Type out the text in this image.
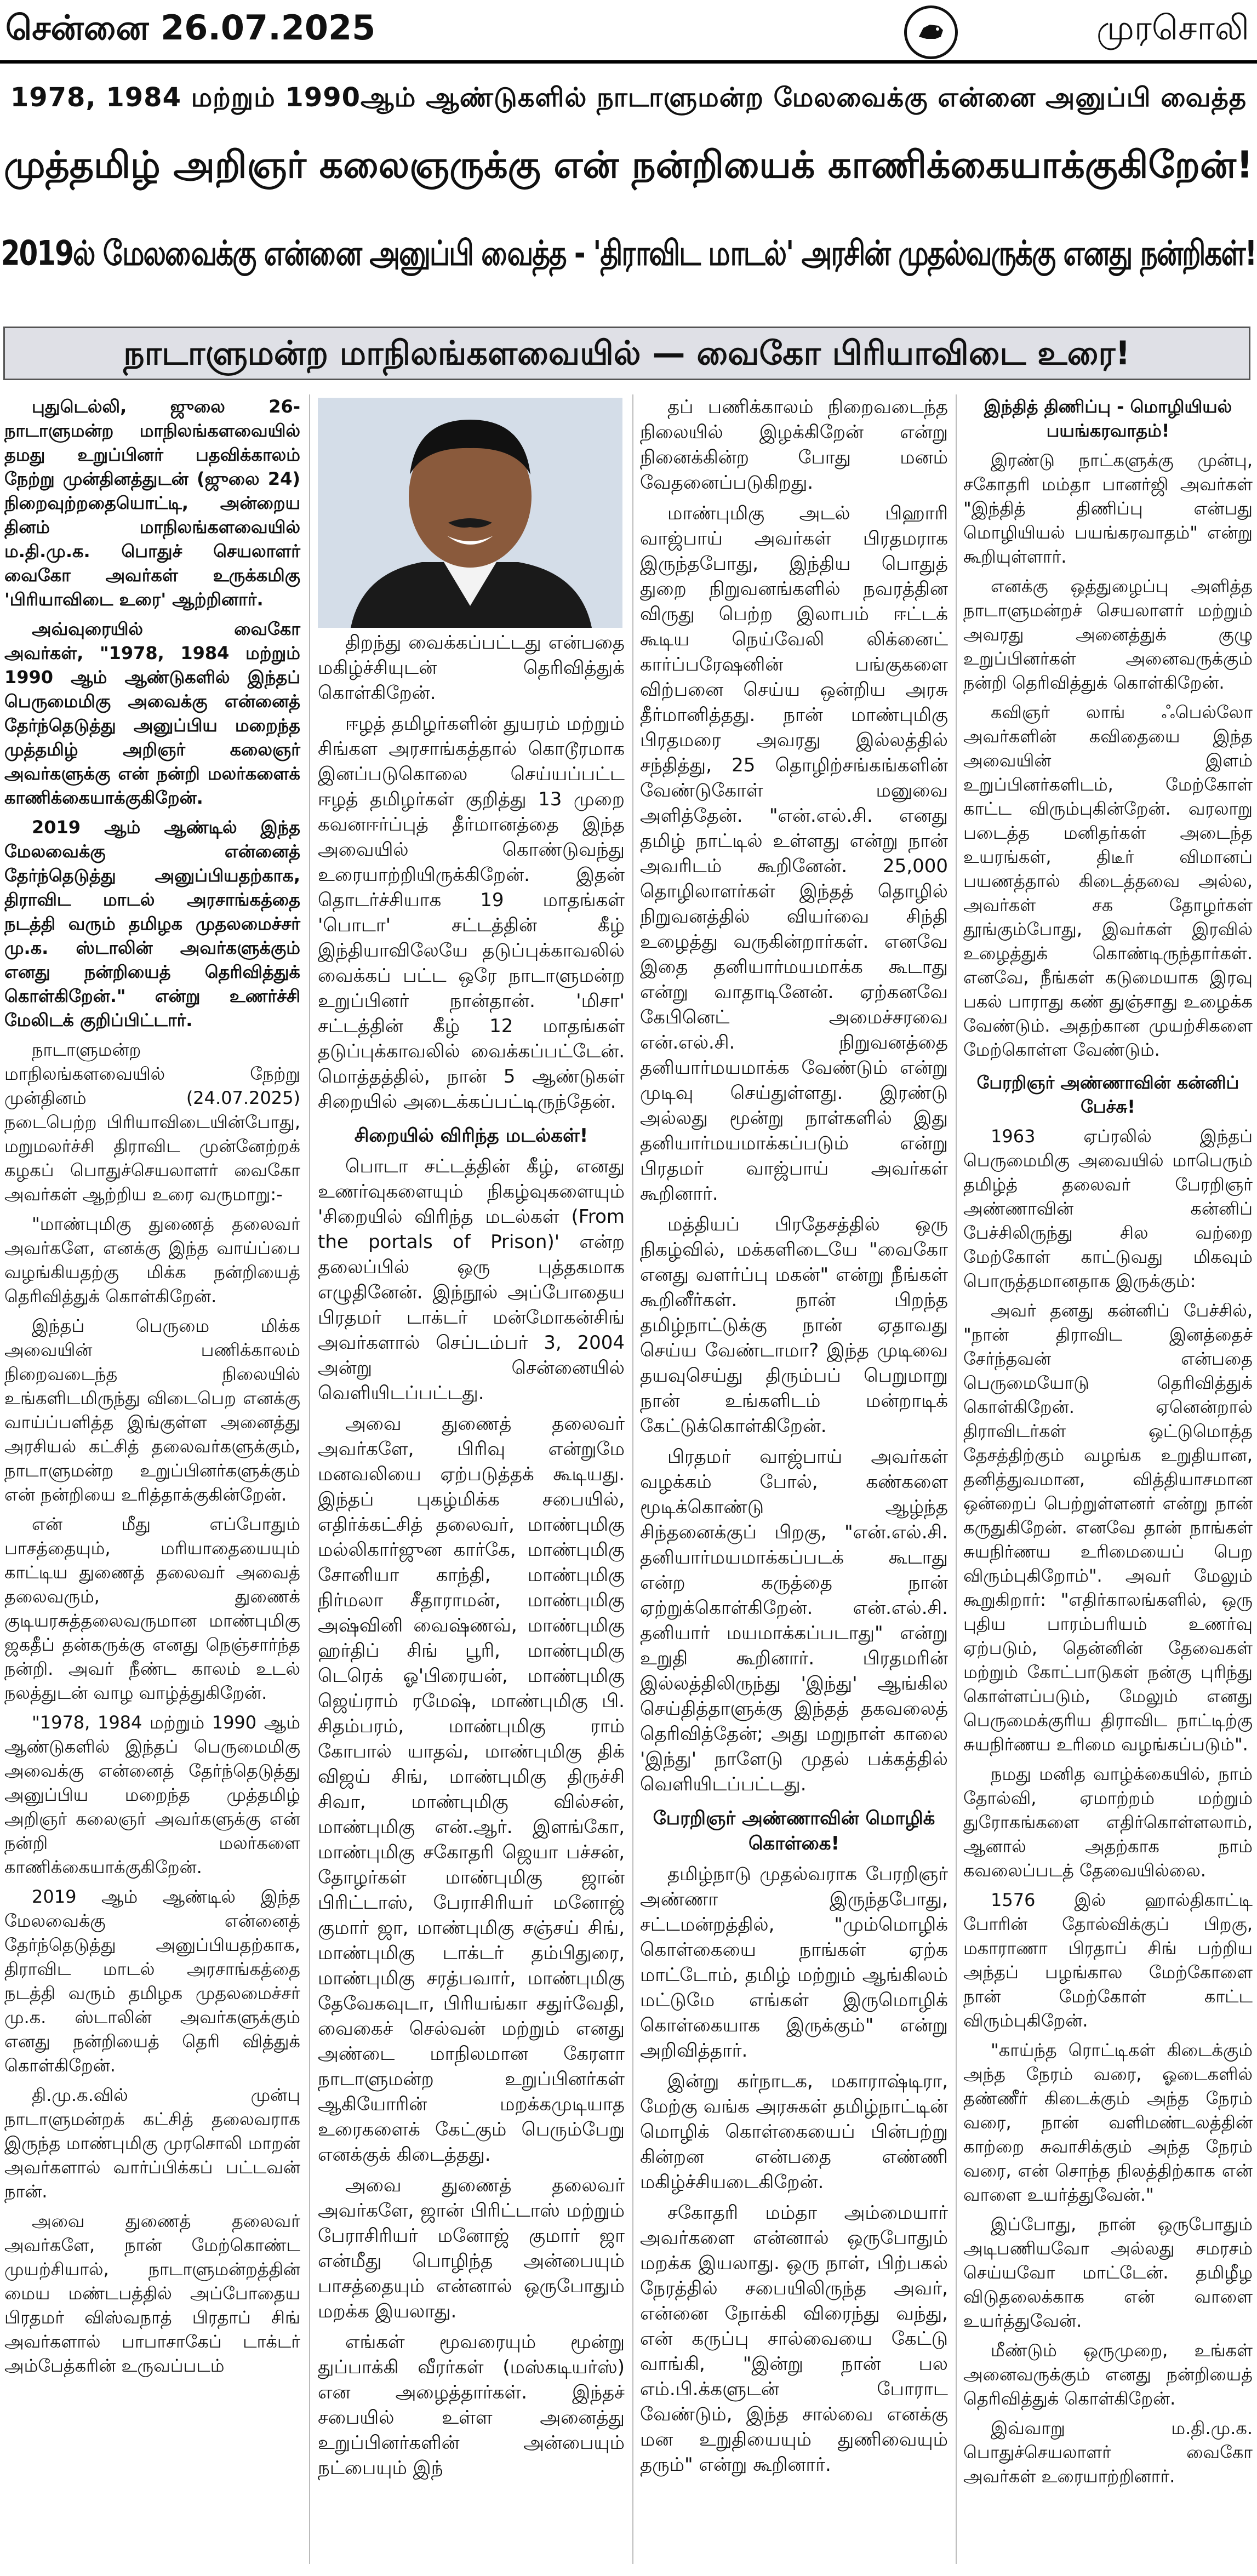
சென்னை 26.07.2025	முரசொலி
1978, 1984 மற்றும் 1990ஆம் ஆண்டுகளில் நாடாளுமன்ற மேலவைக்கு என்னை அனுப்பி வைத்த
முத்தமிழ் அறிஞர் கலைஞருக்கு என் நன்றியைக் காணிக்கையாக்குகிறேன்!
2019ல் மேலவைக்கு என்னை அனுப்பி வைத்த - 'திராவிட மாடல்' அரசின் முதல்வருக்கு எனது நன்றிகள்!
நாடாளுமன்ற மாநிலங்களவையில் — வைகோ பிரியாவிடை உரை!

புதுடெல்லி, ஜுலை 26- நாடாளுமன்ற மாநிலங்களவையில் தமது உறுப்பினர் பதவிக்காலம் நேற்று முன்தினத்துடன் (ஜுலை 24) நிறைவுற்றதையொட்டி, அன்றைய தினம் மாநிலங்களவையில் ம.தி.மு.க. பொதுச் செயலாளர் வைகோ அவர்கள் உருக்கமிகு 'பிரியாவிடை உரை' ஆற்றினார்.

அவ்வுரையில் வைகோ அவர்கள், "1978, 1984 மற்றும் 1990 ஆம் ஆண்டுகளில் இந்தப் பெருமைமிகு அவைக்கு என்னைத் தேர்ந்தெடுத்து அனுப்பிய மறைந்த முத்தமிழ் அறிஞர் கலைஞர் அவர்களுக்கு என் நன்றி மலர்களைக் காணிக்கையாக்குகிறேன்.

2019 ஆம் ஆண்டில் இந்த மேலவைக்கு என்னைத் தேர்ந்தெடுத்து அனுப்பியதற்காக, திராவிட மாடல் அரசாங்கத்தை நடத்தி வரும் தமிழக முதலமைச்சர் மு.க. ஸ்டாலின் அவர்களுக்கும் எனது நன்றியைத் தெரிவித்துக் கொள்கிறேன்." என்று உணர்ச்சி மேலிடக் குறிப்பிட்டார்.

நாடாளுமன்ற மாநிலங்களவையில் நேற்று முன்தினம் (24.07.2025) நடைபெற்ற பிரியாவிடையின்போது, மறுமலர்ச்சி திராவிட முன்னேற்றக் கழகப் பொதுச்செயலாளர் வைகோ அவர்கள் ஆற்றிய உரை வருமாறு:-

"மாண்புமிகு துணைத் தலைவர் அவர்களே, எனக்கு இந்த வாய்ப்பை வழங்கியதற்கு மிக்க நன்றியைத் தெரிவித்துக் கொள்கிறேன்.

இந்தப் பெருமை மிக்க அவையின் பணிக்காலம் நிறைவடைந்த நிலையில் உங்களிடமிருந்து விடைபெற எனக்கு வாய்ப்பளித்த இங்குள்ள அனைத்து அரசியல் கட்சித் தலைவர்களுக்கும், நாடாளுமன்ற உறுப்பினர்களுக்கும் என் நன்றியை உரித்தாக்குகின்றேன்.

என் மீது எப்போதும் பாசத்தையும், மரியாதையையும் காட்டிய துணைத் தலைவர் அவைத் தலைவரும், துணைக் குடியரசுத்தலைவருமான மாண்புமிகு ஜகதீப் தன்கருக்கு எனது நெஞ்சார்ந்த நன்றி. அவர் நீண்ட காலம் உடல் நலத்துடன் வாழ வாழ்த்துகிறேன்.

"1978, 1984 மற்றும் 1990 ஆம் ஆண்டுகளில் இந்தப் பெருமைமிகு அவைக்கு என்னைத் தேர்ந்தெடுத்து அனுப்பிய மறைந்த முத்தமிழ் அறிஞர் கலைஞர் அவர்களுக்கு என் நன்றி மலர்களை காணிக்கையாக்குகிறேன்.

2019 ஆம் ஆண்டில் இந்த மேலவைக்கு என்னைத் தேர்ந்தெடுத்து அனுப்பியதற்காக, திராவிட மாடல் அரசாங்கத்தை நடத்தி வரும் தமிழக முதலமைச்சர் மு.க. ஸ்டாலின் அவர்களுக்கும் எனது நன்றியைத் தெரி வித்துக் கொள்கிறேன்.

தி.மு.க.வில் முன்பு நாடாளுமன்றக் கட்சித் தலைவராக இருந்த மாண்புமிகு முரசொலி மாறன் அவர்களால் வார்ப்பிக்கப் பட்டவன் நான்.

அவை துணைத் தலைவர் அவர்களே, நான் மேற்கொண்ட முயற்சியால், நாடாளுமன்றத்தின் மைய மண்டபத்தில் அப்போதைய பிரதமர் விஸ்வநாத் பிரதாப் சிங் அவர்களால் பாபாசாகேப் டாக்டர் அம்பேத்கரின் உருவப்படம்

திறந்து வைக்கப்பட்டது என்பதை மகிழ்ச்சியுடன் தெரிவித்துக் கொள்கிறேன்.

ஈழத் தமிழர்களின் துயரம் மற்றும் சிங்கள அரசாங்கத்தால் கொடூரமாக இனப்படுகொலை செய்யப்பட்ட ஈழத் தமிழர்கள் குறித்து 13 முறை கவனஈர்ப்புத் தீர்மானத்தை இந்த அவையில் கொண்டுவந்து உரையாற்றியிருக்கிறேன். இதன் தொடர்ச்சியாக 19 மாதங்கள் 'பொடா' சட்டத்தின் கீழ் இந்தியாவிலேயே தடுப்புக்காவலில் வைக்கப் பட்ட ஒரே நாடாளுமன்ற உறுப்பினர் நான்தான். 'மிசா' சட்டத்தின் கீழ் 12 மாதங்கள் தடுப்புக்காவலில் வைக்கப்பட்டேன். மொத்தத்தில், நான் 5 ஆண்டுகள் சிறையில் அடைக்கப்பட்டிருந்தேன்.

சிறையில் விரிந்த மடல்கள்!

பொடா சட்டத்தின் கீழ், எனது உணர்வுகளையும் நிகழ்வுகளையும் 'சிறையில் விரிந்த மடல்கள் (From the portals of Prison)' என்ற தலைப்பில் ஒரு புத்தகமாக எழுதினேன். இந்நூல் அப்போதைய பிரதமர் டாக்டர் மன்மோகன்சிங் அவர்களால் செப்டம்பர் 3, 2004 அன்று சென்னையில் வெளியிடப்பட்டது.

அவை துணைத் தலைவர் அவர்களே, பிரிவு என்றுமே மனவலியை ஏற்படுத்தக் கூடியது. இந்தப் புகழ்மிக்க சபையில், எதிர்க்கட்சித் தலைவர், மாண்புமிகு மல்லிகார்ஜுன கார்கே, மாண்புமிகு சோனியா காந்தி, மாண்புமிகு நிர்மலா சீதாராமன், மாண்புமிகு அஷ்வினி வைஷ்ணவ், மாண்புமிகு ஹர்திப் சிங் பூரி, மாண்புமிகு டெரெக் ஓ'பிரையன், மாண்புமிகு ஜெய்ராம் ரமேஷ், மாண்புமிகு பி. சிதம்பரம், மாண்புமிகு ராம் கோபால் யாதவ், மாண்புமிகு திக் விஜய் சிங், மாண்புமிகு திருச்சி சிவா, மாண்புமிகு வில்சன், மாண்புமிகு என்.ஆர். இளங்கோ, மாண்புமிகு சகோதரி ஜெயா பச்சன், தோழர்கள் மாண்புமிகு ஜான் பிரிட்டாஸ், பேராசிரியர் மனோஜ் குமார் ஜா, மாண்புமிகு சஞ்சய் சிங், மாண்புமிகு டாக்டர் தம்பிதுரை, மாண்புமிகு சரத்பவார், மாண்புமிகு தேவேகவுடா, பிரியங்கா சதுர்வேதி, வைகைச் செல்வன் மற்றும் எனது அண்டை மாநிலமான கேரளா நாடாளுமன்ற உறுப்பினர்கள் ஆகியோரின் மறக்கமுடியாத உரைகளைக் கேட்கும் பெரும்பேறு எனக்குக் கிடைத்தது.

அவை துணைத் தலைவர் அவர்களே, ஜான் பிரிட்டாஸ் மற்றும் பேராசிரியர் மனோஜ் குமார் ஜா என்மீது பொழிந்த அன்பையும் பாசத்தையும் என்னால் ஒருபோதும் மறக்க இயலாது.

எங்கள் மூவரையும் மூன்று துப்பாக்கி வீரர்கள் (மஸ்கடியர்ஸ்) என அழைத்தார்கள். இந்தச் சபையில் உள்ள அனைத்து உறுப்பினர்களின் அன்பையும் நட்பையும் இந்

தப் பணிக்காலம் நிறைவடைந்த நிலையில் இழக்கிறேன் என்று நினைக்கின்ற போது மனம் வேதனைப்படுகிறது.

மாண்புமிகு அடல் பிஹாரி வாஜ்பாய் அவர்கள் பிரதமராக இருந்தபோது, இந்திய பொதுத் துறை நிறுவனங்களில் நவரத்தின விருது பெற்ற இலாபம் ஈட்டக் கூடிய நெய்வேலி லிக்னைட் கார்ப்பரேஷனின் பங்குகளை விற்பனை செய்ய ஒன்றிய அரசு தீர்மானித்தது. நான் மாண்புமிகு பிரதமரை அவரது இல்லத்தில் சந்தித்து, 25 தொழிற்சங்கங்களின் வேண்டுகோள் மனுவை அளித்தேன். "என்.எல்.சி. எனது தமிழ் நாட்டில் உள்ளது என்று நான் அவரிடம் கூறினேன். 25,000 தொழிலாளர்கள் இந்தத் தொழில் நிறுவனத்தில் வியர்வை சிந்தி உழைத்து வருகின்றார்கள். எனவே இதை தனியார்மயமாக்க கூடாது என்று வாதாடினேன். ஏற்கனவே கேபினெட் அமைச்சரவை என்.எல்.சி. நிறுவனத்தை தனியார்மயமாக்க வேண்டும் என்று முடிவு செய்துள்ளது. இரண்டு அல்லது மூன்று நாள்களில் இது தனியார்மயமாக்கப்படும் என்று பிரதமர் வாஜ்பாய் அவர்கள் கூறினார்.

மத்தியப் பிரதேசத்தில் ஒரு நிகழ்வில், மக்களிடையே "வைகோ எனது வளர்ப்பு மகன்" என்று நீங்கள் கூறினீர்கள். நான் பிறந்த தமிழ்நாட்டுக்கு நான் ஏதாவது செய்ய வேண்டாமா? இந்த முடிவை தயவுசெய்து திரும்பப் பெறுமாறு நான் உங்களிடம் மன்றாடிக் கேட்டுக்கொள்கிறேன்.

பிரதமர் வாஜ்பாய் அவர்கள் வழக்கம் போல், கண்களை மூடிக்கொண்டு ஆழ்ந்த சிந்தனைக்குப் பிறகு, "என்.எல்.சி. தனியார்மயமாக்கப்படக் கூடாது என்ற கருத்தை நான் ஏற்றுக்கொள்கிறேன். என்.எல்.சி. தனியார் மயமாக்கப்படாது" என்று உறுதி கூறினார். பிரதமரின் இல்லத்திலிருந்து 'இந்து' ஆங்கில செய்தித்தாளுக்கு இந்தத் தகவலைத் தெரிவித்தேன்; அது மறுநாள் காலை 'இந்து' நாளேடு முதல் பக்கத்தில் வெளியிடப்பட்டது.

பேரறிஞர் அண்ணாவின் மொழிக் கொள்கை!

தமிழ்நாடு முதல்வராக பேரறிஞர் அண்ணா இருந்தபோது, சட்டமன்றத்தில், "மும்மொழிக் கொள்கையை நாங்கள் ஏற்க மாட்டோம், தமிழ் மற்றும் ஆங்கிலம் மட்டுமே எங்கள் இருமொழிக் கொள்கையாக இருக்கும்" என்று அறிவித்தார்.

இன்று கர்நாடக, மகாராஷ்டிரா, மேற்கு வங்க அரசுகள் தமிழ்நாட்டின் மொழிக் கொள்கையைப் பின்பற்று கின்றன என்பதை எண்ணி மகிழ்ச்சியடைகிறேன்.

சகோதரி மம்தா அம்மையார் அவர்களை என்னால் ஒருபோதும் மறக்க இயலாது. ஒரு நாள், பிற்பகல் நேரத்தில் சபையிலிருந்த அவர், என்னை நோக்கி விரைந்து வந்து, என் கருப்பு சால்வையை கேட்டு வாங்கி, "இன்று நான் பல எம்.பி.க்களுடன் போராட வேண்டும், இந்த சால்வை எனக்கு மன உறுதியையும் துணிவையும் தரும்" என்று கூறினார்.

இந்தித் திணிப்பு - மொழியியல் பயங்கரவாதம்!

இரண்டு நாட்களுக்கு முன்பு, சகோதரி மம்தா பானர்ஜி அவர்கள் "இந்தித் திணிப்பு என்பது மொழியியல் பயங்கரவாதம்" என்று கூறியுள்ளார்.

எனக்கு ஒத்துழைப்பு அளித்த நாடாளுமன்றச் செயலாளர் மற்றும் அவரது அனைத்துக் குழு உறுப்பினர்கள் அனைவருக்கும் நன்றி தெரிவித்துக் கொள்கிறேன்.

கவிஞர் லாங் ஃபெல்லோ அவர்களின் கவிதையை இந்த அவையின் இளம் உறுப்பினர்களிடம், மேற்கோள் காட்ட விரும்புகின்றேன். வரலாறு படைத்த மனிதர்கள் அடைந்த உயரங்கள், திடீர் விமானப் பயணத்தால் கிடைத்தவை அல்ல, அவர்கள் சக தோழர்கள் தூங்கும்போது, இவர்கள் இரவில் உழைத்துக் கொண்டிருந்தார்கள். எனவே, நீங்கள் கடுமையாக இரவு பகல் பாராது கண் துஞ்சாது உழைக்க வேண்டும். அதற்கான முயற்சிகளை மேற்கொள்ள வேண்டும்.

பேரறிஞர் அண்ணாவின் கன்னிப் பேச்சு!

1963 ஏப்ரலில் இந்தப் பெருமைமிகு அவையில் மாபெரும் தமிழ்த் தலைவர் பேரறிஞர் அண்ணாவின் கன்னிப் பேச்சிலிருந்து சில வற்றை மேற்கோள் காட்டுவது மிகவும் பொருத்தமானதாக இருக்கும்:

அவர் தனது கன்னிப் பேச்சில், "நான் திராவிட இனத்தைச் சேர்ந்தவன் என்பதை பெருமையோடு தெரிவித்துக் கொள்கிறேன். ஏனென்றால் திராவிடர்கள் ஒட்டுமொத்த தேசத்திற்கும் வழங்க உறுதியான, தனித்துவமான, வித்தியாசமான ஒன்றைப் பெற்றுள்ளனர் என்று நான் கருதுகிறேன். எனவே தான் நாங்கள் சுயநிர்ணய உரிமையைப் பெற விரும்புகிறோம்". அவர் மேலும் கூறுகிறார்: "எதிர்காலங்களில், ஒரு புதிய பாரம்பரியம் உணர்வு ஏற்படும், தென்னின் தேவைகள் மற்றும் கோட்பாடுகள் நன்கு புரிந்து கொள்ளப்படும், மேலும் எனது பெருமைக்குரிய திராவிட நாட்டிற்கு சுயநிர்ணய உரிமை வழங்கப்படும்".

நமது மனித வாழ்க்கையில், நாம் தோல்வி, ஏமாற்றம் மற்றும் துரோகங்களை எதிர்கொள்ளலாம், ஆனால் அதற்காக நாம் கவலைப்படத் தேவையில்லை.

1576 இல் ஹால்திகாட்டி போரின் தோல்விக்குப் பிறகு, மகாராணா பிரதாப் சிங் பற்றிய அந்தப் பழங்கால மேற்கோளை நான் மேற்கோள் காட்ட விரும்புகிறேன்.

"காய்ந்த ரொட்டிகள் கிடைக்கும் அந்த நேரம் வரை, ஓடைகளில் தண்ணீர் கிடைக்கும் அந்த நேரம் வரை, நான் வளிமண்டலத்தின் காற்றை சுவாசிக்கும் அந்த நேரம் வரை, என் சொந்த நிலத்திற்காக என் வாளை உயர்த்துவேன்."

இப்போது, நான் ஒருபோதும் அடிபணியவோ அல்லது சமரசம் செய்யவோ மாட்டேன். தமிழீழ விடுதலைக்காக என் வாளை உயர்த்துவேன்.

மீண்டும் ஒருமுறை, உங்கள் அனைவருக்கும் எனது நன்றியைத் தெரிவித்துக் கொள்கிறேன்.

இவ்வாறு ம.தி.மு.க. பொதுச்செயலாளர் வைகோ அவர்கள் உரையாற்றினார்.
